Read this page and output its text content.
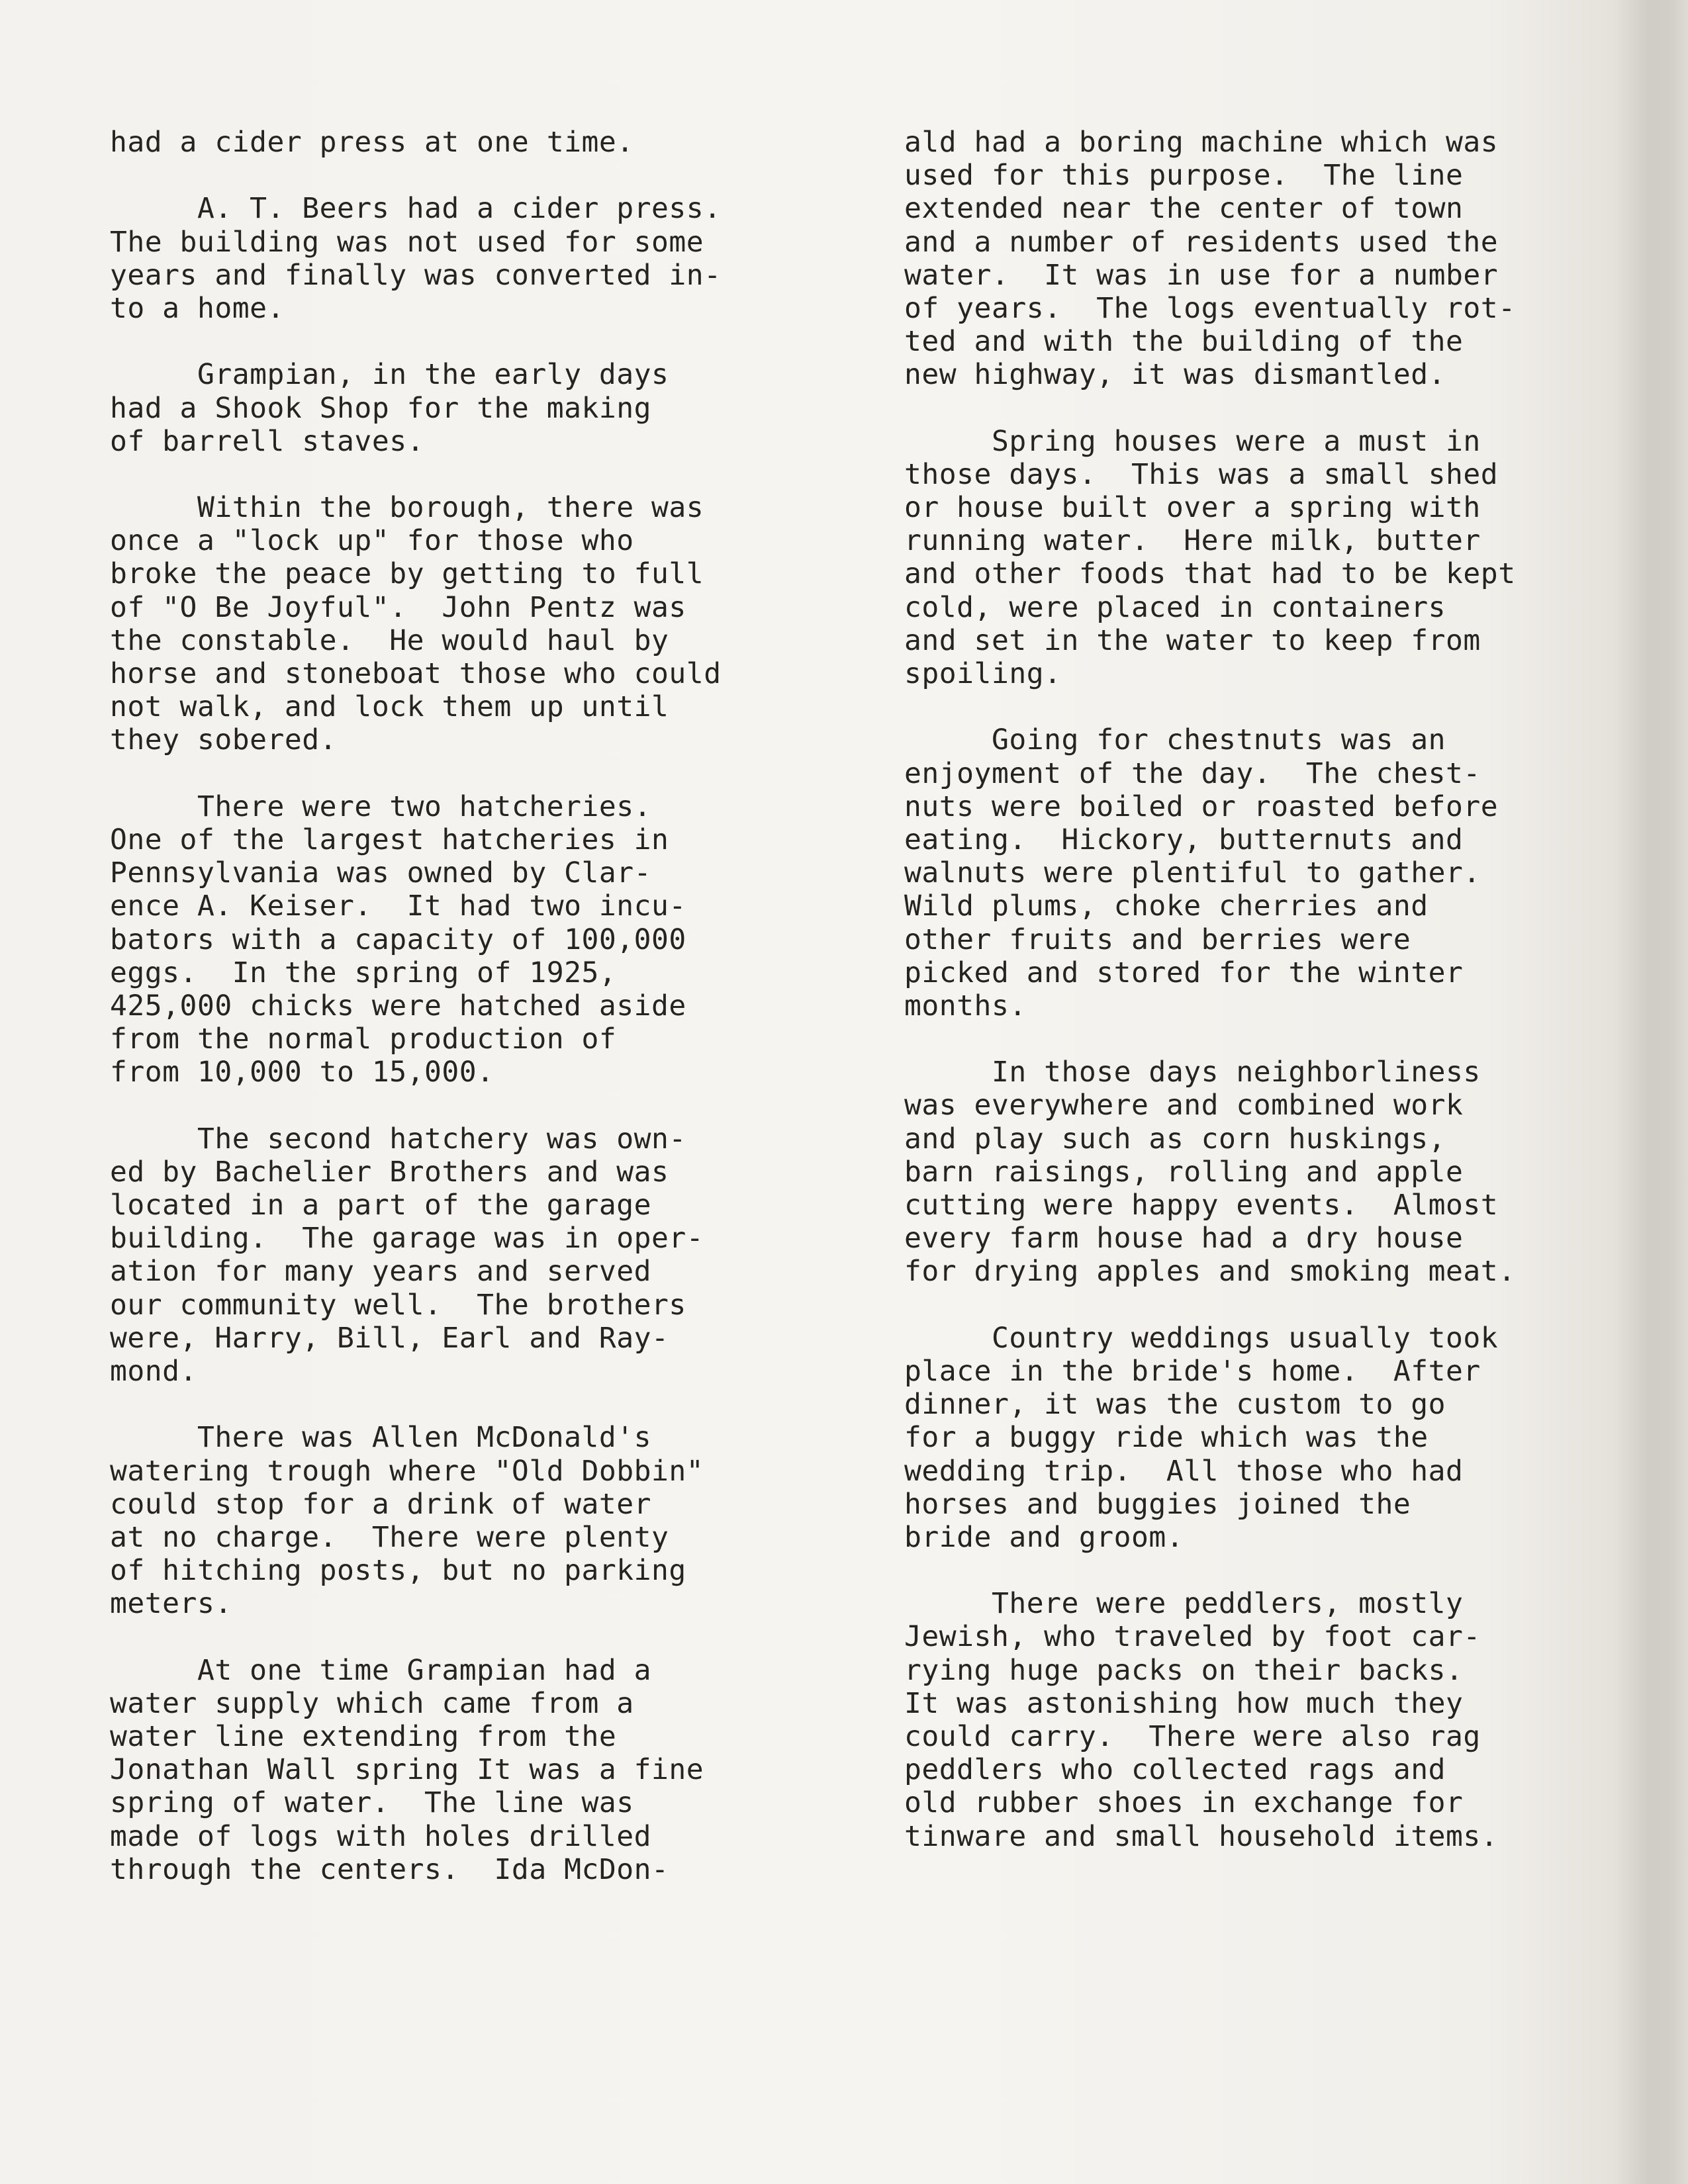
had a cider press at one time.
A. T. Beers had a cider press.
The building was not used for some
years and finally was converted in-
to a home.
Grampian, in the early days
had a Shook Shop for the making
of barrell staves.
Within the borough, there was
once a "lock up" for those who
broke the peace by getting to full
of "O Be Joyful".  John Pentz was
the constable.  He would haul by
horse and stoneboat those who could
not walk, and lock them up until
they sobered.
There were two hatcheries.
One of the largest hatcheries in
Pennsylvania was owned by Clar-
ence A. Keiser.  It had two incu-
bators with a capacity of 100,000
eggs.  In the spring of 1925,
425,000 chicks were hatched aside
from the normal production of
from 10,000 to 15,000.
The second hatchery was own-
ed by Bachelier Brothers and was
located in a part of the garage
building.  The garage was in oper-
ation for many years and served
our community well.  The brothers
were, Harry, Bill, Earl and Ray-
mond.
There was Allen McDonald's
watering trough where "Old Dobbin"
could stop for a drink of water
at no charge.  There were plenty
of hitching posts, but no parking
meters.
At one time Grampian had a
water supply which came from a
water line extending from the
Jonathan Wall spring It was a fine
spring of water.  The line was
made of logs with holes drilled
through the centers.  Ida McDon-
ald had a boring machine which was
used for this purpose.  The line
extended near the center of town
and a number of residents used the
water.  It was in use for a number
of years.  The logs eventually rot-
ted and with the building of the
new highway, it was dismantled.
Spring houses were a must in
those days.  This was a small shed
or house built over a spring with
running water.  Here milk, butter
and other foods that had to be kept
cold, were placed in containers
and set in the water to keep from
spoiling.
Going for chestnuts was an
enjoyment of the day.  The chest-
nuts were boiled or roasted before
eating.  Hickory, butternuts and
walnuts were plentiful to gather.
Wild plums, choke cherries and
other fruits and berries were
picked and stored for the winter
months.
In those days neighborliness
was everywhere and combined work
and play such as corn huskings,
barn raisings, rolling and apple
cutting were happy events.  Almost
every farm house had a dry house
for drying apples and smoking meat.
Country weddings usually took
place in the bride's home.  After
dinner, it was the custom to go
for a buggy ride which was the
wedding trip.  All those who had
horses and buggies joined the
bride and groom.
There were peddlers, mostly
Jewish, who traveled by foot car-
rying huge packs on their backs.
It was astonishing how much they
could carry.  There were also rag
peddlers who collected rags and
old rubber shoes in exchange for
tinware and small household items.
